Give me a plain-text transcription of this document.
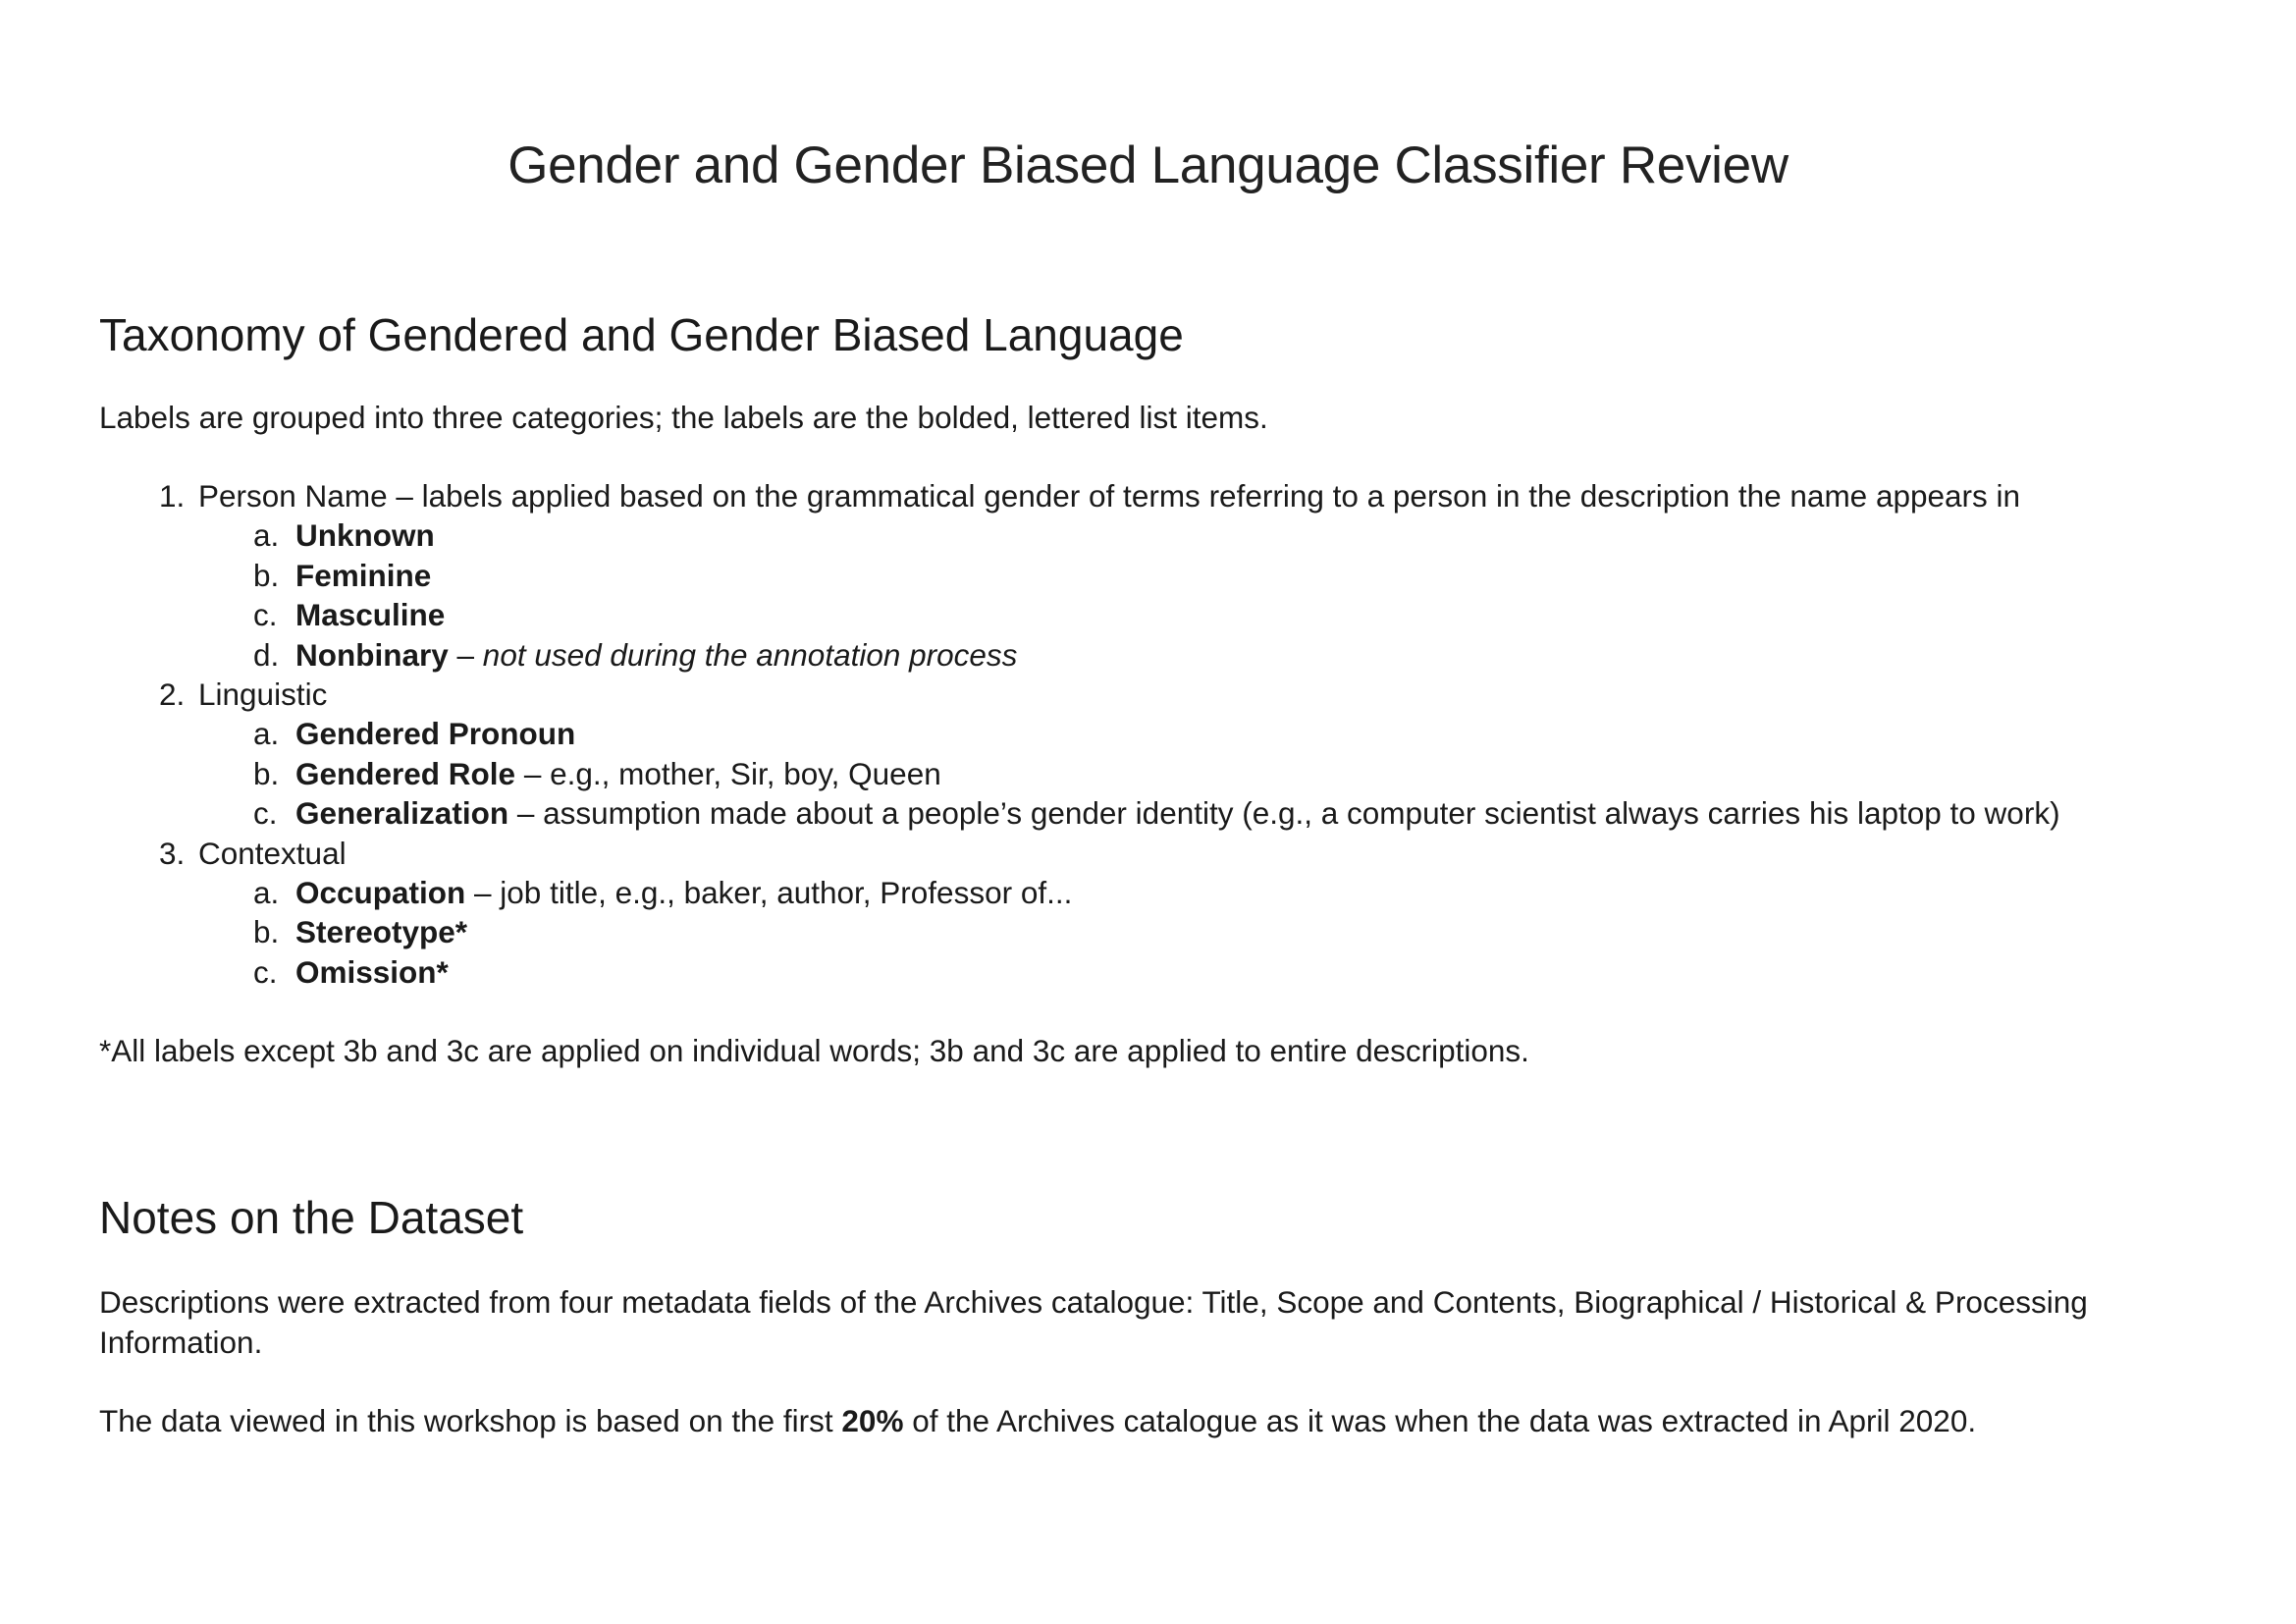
Gender and Gender Biased Language Classifier Review
Taxonomy of Gendered and Gender Biased Language

Labels are grouped into three categories; the labels are the bolded, lettered list items.

1. Person Name – labels applied based on the grammatical gender of terms referring to a person in the description the name appears in
a. Unknown
b. Feminine
c. Masculine
d. Nonbinary – not used during the annotation process
2. Linguistic
a. Gendered Pronoun
b. Gendered Role – e.g., mother, Sir, boy, Queen
c. Generalization – assumption made about a people’s gender identity (e.g., a computer scientist always carries his laptop to work)
3. Contextual
a. Occupation – job title, e.g., baker, author, Professor of...
b. Stereotype*
c. Omission*

*All labels except 3b and 3c are applied on individual words; 3b and 3c are applied to entire descriptions.

Notes on the Dataset

Descriptions were extracted from four metadata fields of the Archives catalogue: Title, Scope and Contents, Biographical / Historical & Processing Information.

The data viewed in this workshop is based on the first 20% of the Archives catalogue as it was when the data was extracted in April 2020.
